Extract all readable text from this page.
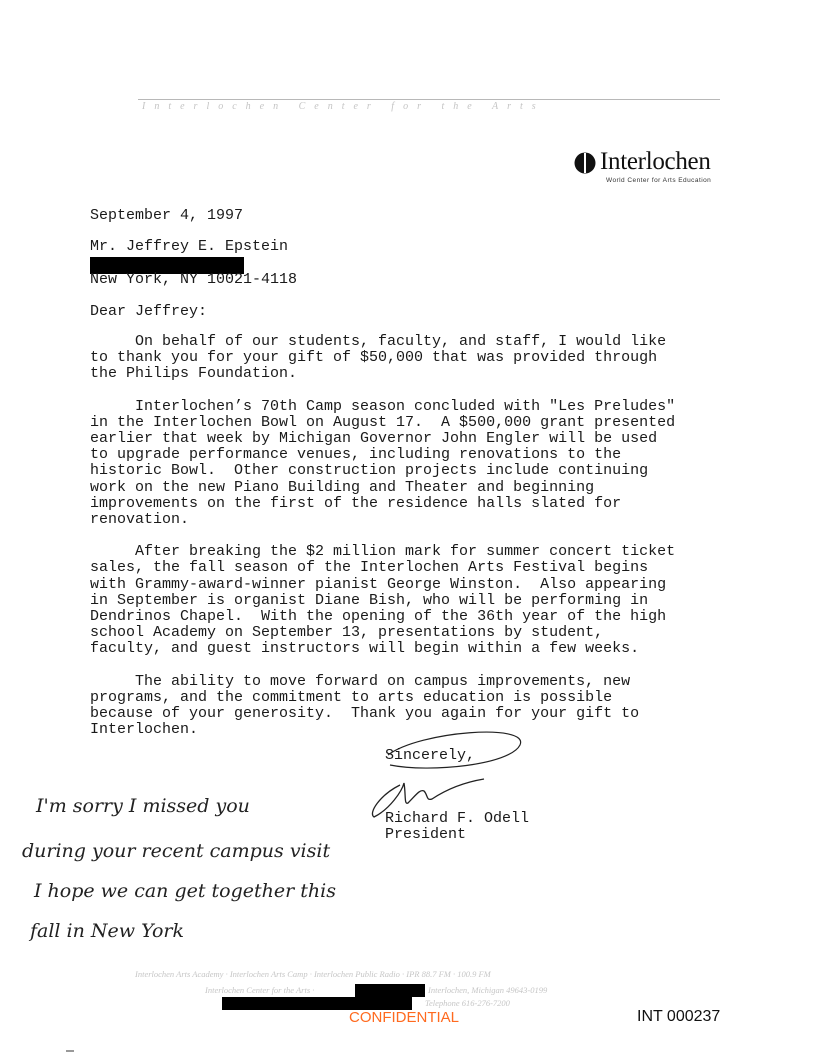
Interlochen Center for the Arts
Interlochen
World Center for Arts Education
September 4, 1997
Mr. Jeffrey E. Epstein
New York, NY 10021-4118
Dear Jeffrey:

On behalf of our students, faculty, and staff, I would like

to thank you for your gift of $50,000 that was provided through

the Philips Foundation.

Interlochen’s 70th Camp season concluded with "Les Preludes"

in the Interlochen Bowl on August 17.  A $500,000 grant presented

earlier that week by Michigan Governor John Engler will be used

to upgrade performance venues, including renovations to the

historic Bowl.  Other construction projects include continuing

work on the new Piano Building and Theater and beginning

improvements on the first of the residence halls slated for

renovation.

After breaking the $2 million mark for summer concert ticket

sales, the fall season of the Interlochen Arts Festival begins

with Grammy-award-winner pianist George Winston.  Also appearing

in September is organist Diane Bish, who will be performing in

Dendrinos Chapel.  With the opening of the 36th year of the high

school Academy on September 13, presentations by student,

faculty, and guest instructors will begin within a few weeks.

The ability to move forward on campus improvements, new

programs, and the commitment to arts education is possible

because of your generosity.  Thank you again for your gift to

Interlochen.

Sincerely,
Richard F. Odell
President
I'm sorry I missed you
during your recent campus visit
I hope we can get together this
fall in New York
Interlochen Arts Academy · Interlochen Arts Camp · Interlochen Public Radio · IPR 88.7 FM · 100.9 FM
Interlochen Center for the Arts ·	Interlochen, Michigan 49643-0199
Telephone 616-276-7200
CONFIDENTIAL	INT 000237
